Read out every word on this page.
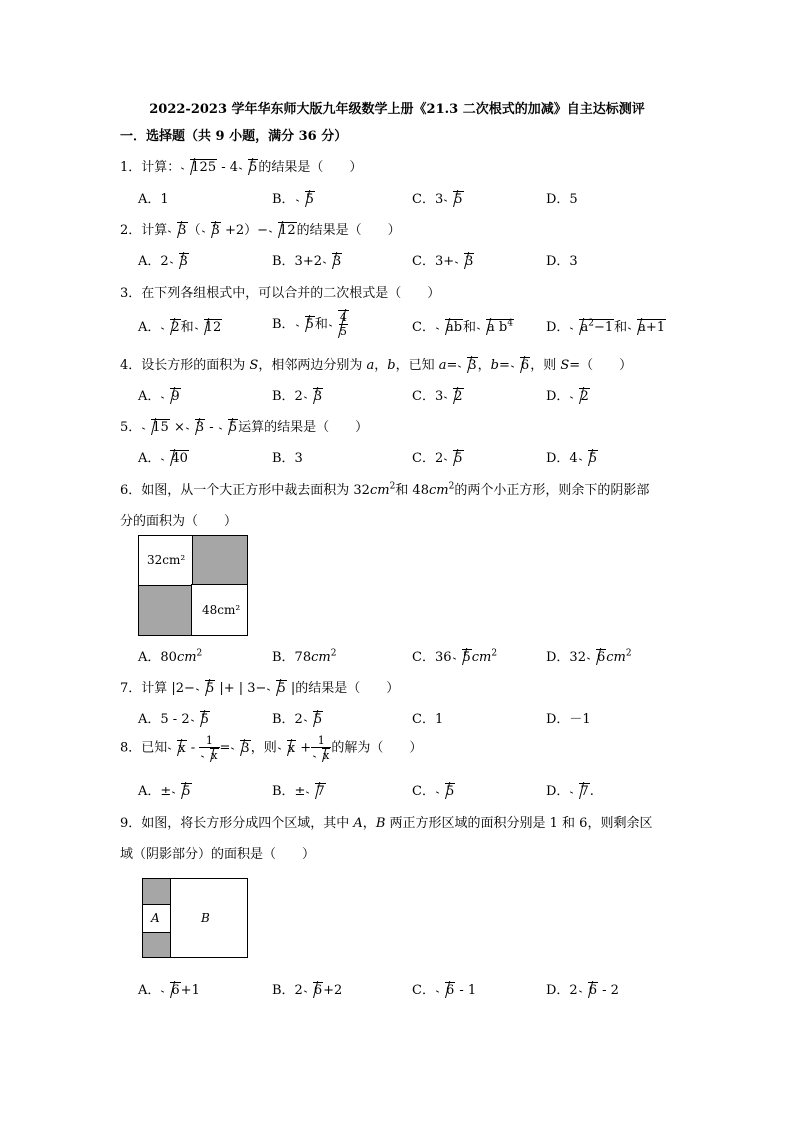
2022-2023 学年华东师大版九年级数学上册《21.3 二次根式的加减》自主达标测评
一．选择题（共 9 小题，满分 36 分）
1．计算： 125 - 4 5的结果是（　　）
A．1	B． 5	C．3 5	D．5
2．计算 3（ 3 +2）− 12的结果是（　　）
A．2 3	B．3+2 3	C．3+ 3	D．3
3．在下列各组根式中，可以合并的二次根式是（　　）
A． 2和 12	B． 5和 $\frac{4}{5}$	C． ab和 a $b^4$	D． $a^2-1$和 a+1
4．设长方形的面积为 S，相邻两边分别为 a，b，已知 a= 3，b= 6，则 S=（　　）
A． 9	B．2 3	C．3 2	D． 2
5． 15 × 3 -
5运算的结果是（　　）
A． 40	B．3	C．2 5	D．4 5
6．如图，从一个大正方形中裁去面积为 $32cm^2$和 $48cm^2$的两个小正方形，则余下的阴影部
分的面积为（　　）
32cm²
48cm²
A．$80cm^2$	B．$78cm^2$	C．36 $5cm^2$	D．32 $6cm^2$
7．计算 |2− 5 |+ | 3− 5 |的结果是（　　）
A．5 - 2 5	B．2 5	C．1	D．－1
8．已知 $x - \frac{1}{x} = 3$，则 $x + \frac{1}{x}$ 的解为（　　）
A．± 5	B．± 7	C． 5	D． 7.
9．如图，将长方形分成四个区域，其中 A，B 两正方形区域的面积分别是 1 和 6，则剩余区
域（阴影部分）的面积是（　　）
A	B
A． 6+1	B．2 6+2	C． 6 - 1	D．2 6 - 2
